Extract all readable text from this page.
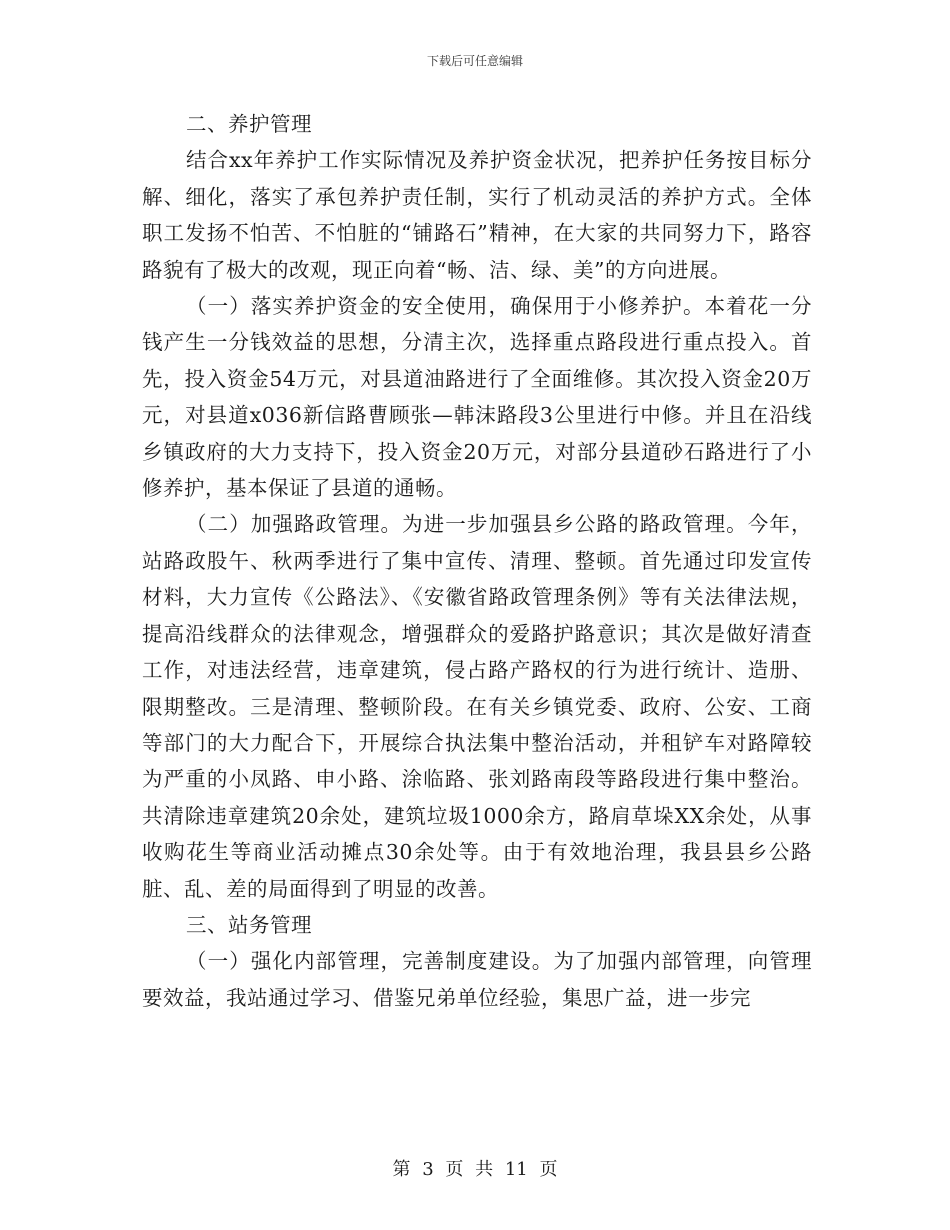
下载后可任意编辑

二、养护管理

结合xx年养护工作实际情况及养护资金状况，把养护任务按目标分解、细化，落实了承包养护责任制，实行了机动灵活的养护方式。全体职工发扬不怕苦、不怕脏的“铺路石”精神，在大家的共同努力下，路容路貌有了极大的改观，现正向着“畅、洁、绿、美”的方向进展。

（一）落实养护资金的安全使用，确保用于小修养护。本着花一分钱产生一分钱效益的思想，分清主次，选择重点路段进行重点投入。首先，投入资金54万元，对县道油路进行了全面维修。其次投入资金20万元，对县道x036新信路曹顾张—韩沫路段3公里进行中修。并且在沿线乡镇政府的大力支持下，投入资金20万元，对部分县道砂石路进行了小修养护，基本保证了县道的通畅。

（二）加强路政管理。为进一步加强县乡公路的路政管理。今年，站路政股午、秋两季进行了集中宣传、清理、整顿。首先通过印发宣传材料，大力宣传《公路法》、《安徽省路政管理条例》等有关法律法规，提高沿线群众的法律观念，增强群众的爱路护路意识；其次是做好清查工作，对违法经营，违章建筑，侵占路产路权的行为进行统计、造册、限期整改。三是清理、整顿阶段。在有关乡镇党委、政府、公安、工商等部门的大力配合下，开展综合执法集中整治活动，并租铲车对路障较为严重的小凤路、申小路、涂临路、张刘路南段等路段进行集中整治。共清除违章建筑20余处，建筑垃圾1000余方，路肩草垛XX余处，从事收购花生等商业活动摊点30余处等。由于有效地治理，我县县乡公路脏、乱、差的局面得到了明显的改善。

三、站务管理

（一）强化内部管理，完善制度建设。为了加强内部管理，向管理要效益，我站通过学习、借鉴兄弟单位经验，集思广益，进一步完

第 3 页 共 11 页
